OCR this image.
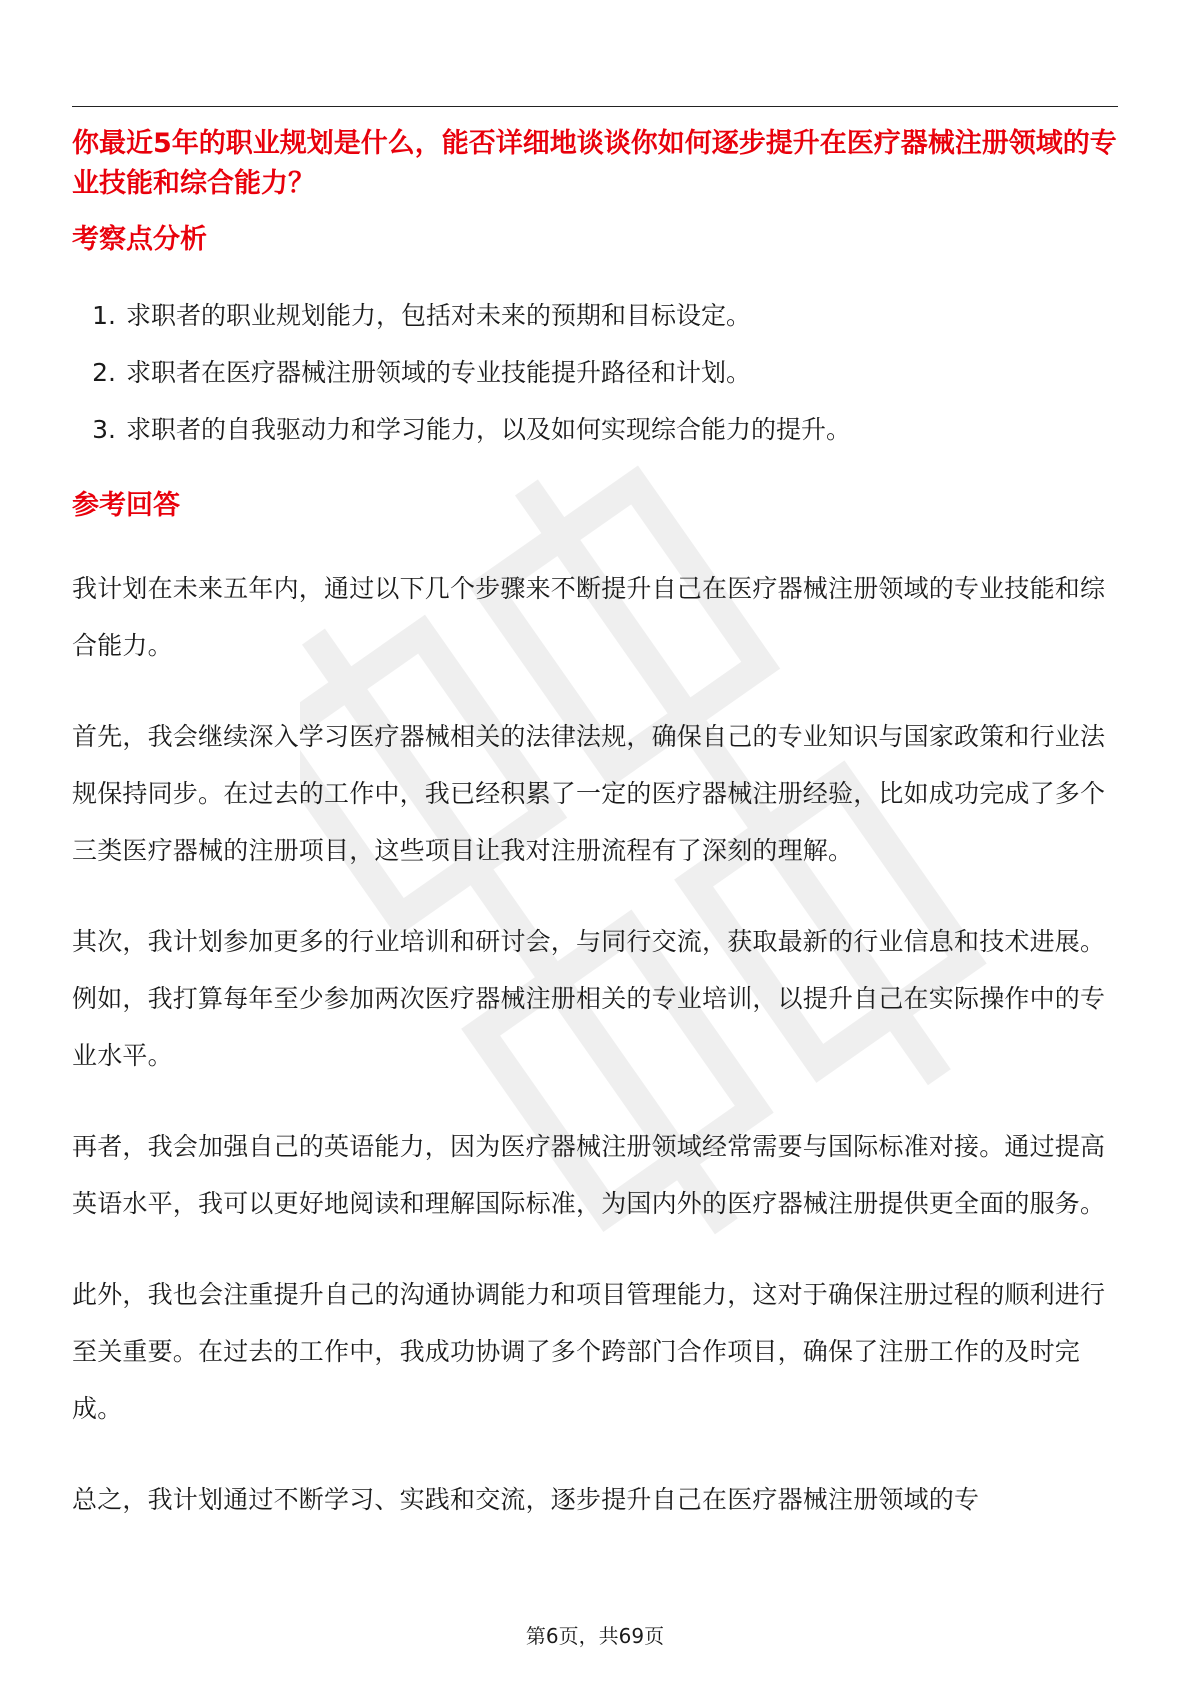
你最近5年的职业规划是什么，能否详细地谈谈你如何逐步提升在医疗器械注册领域的专业技能和综合能力？

考察点分析
1. 求职者的职业规划能力，包括对未来的预期和目标设定。
2. 求职者在医疗器械注册领域的专业技能提升路径和计划。
3. 求职者的自我驱动力和学习能力，以及如何实现综合能力的提升。
参考回答

我计划在未来五年内，通过以下几个步骤来不断提升自己在医疗器械注册领域的专业技能和综合能力。

首先，我会继续深入学习医疗器械相关的法律法规，确保自己的专业知识与国家政策和行业法规保持同步。在过去的工作中，我已经积累了一定的医疗器械注册经验，比如成功完成了多个三类医疗器械的注册项目，这些项目让我对注册流程有了深刻的理解。

其次，我计划参加更多的行业培训和研讨会，与同行交流，获取最新的行业信息和技术进展。例如，我打算每年至少参加两次医疗器械注册相关的专业培训，以提升自己在实际操作中的专业水平。

再者，我会加强自己的英语能力，因为医疗器械注册领域经常需要与国际标准对接。通过提高英语水平，我可以更好地阅读和理解国际标准，为国内外的医疗器械注册提供更全面的服务。

此外，我也会注重提升自己的沟通协调能力和项目管理能力，这对于确保注册过程的顺利进行至关重要。在过去的工作中，我成功协调了多个跨部门合作项目，确保了注册工作的及时完成。

总之，我计划通过不断学习、实践和交流，逐步提升自己在医疗器械注册领域的专

第6页，共69页
